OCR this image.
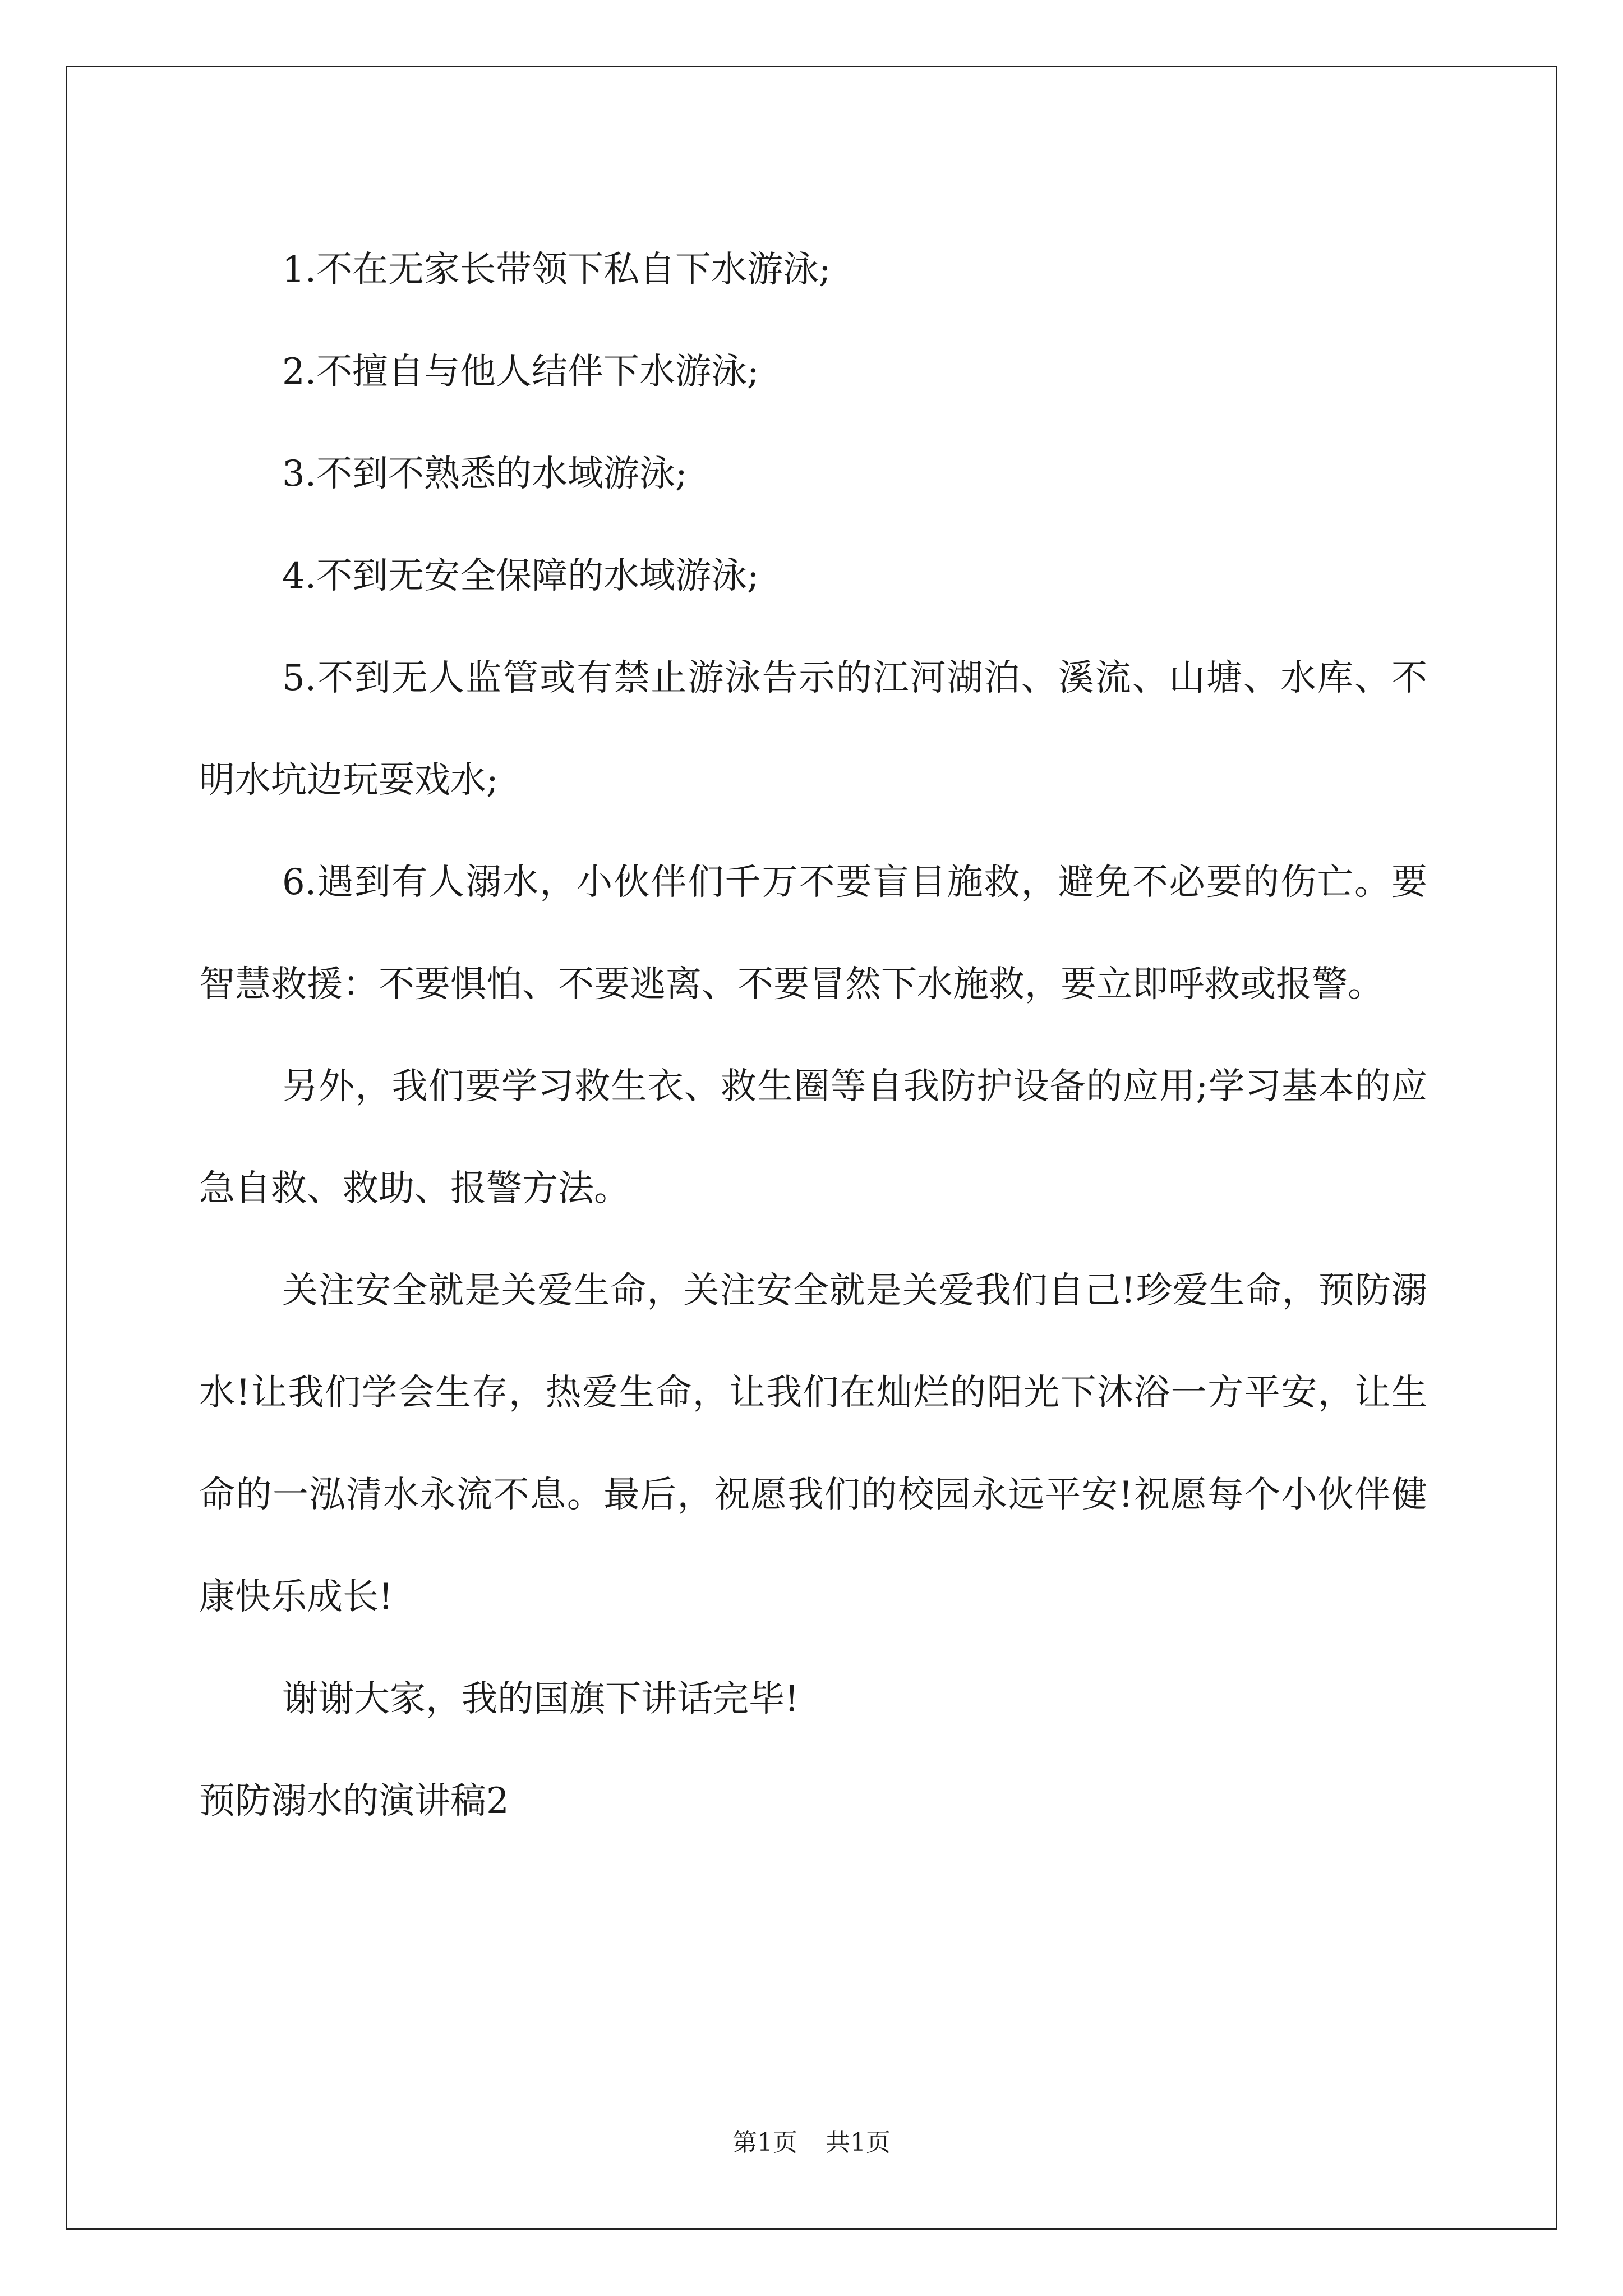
1.不在无家长带领下私自下水游泳;

2.不擅自与他人结伴下水游泳;

3.不到不熟悉的水域游泳;

4.不到无安全保障的水域游泳;

5.不到无人监管或有禁止游泳告示的江河湖泊、溪流、山塘、水库、不明水坑边玩耍戏水;

6.遇到有人溺水，小伙伴们千万不要盲目施救，避免不必要的伤亡。要智慧救援：不要惧怕、不要逃离、不要冒然下水施救，要立即呼救或报警。

另外，我们要学习救生衣、救生圈等自我防护设备的应用;学习基本的应急自救、救助、报警方法。

关注安全就是关爱生命，关注安全就是关爱我们自己!珍爱生命，预防溺水!让我们学会生存，热爱生命，让我们在灿烂的阳光下沐浴一方平安，让生命的一泓清水永流不息。最后，祝愿我们的校园永远平安!祝愿每个小伙伴健康快乐成长!

谢谢大家，我的国旗下讲话完毕!

预防溺水的演讲稿2

第1页 共1页
